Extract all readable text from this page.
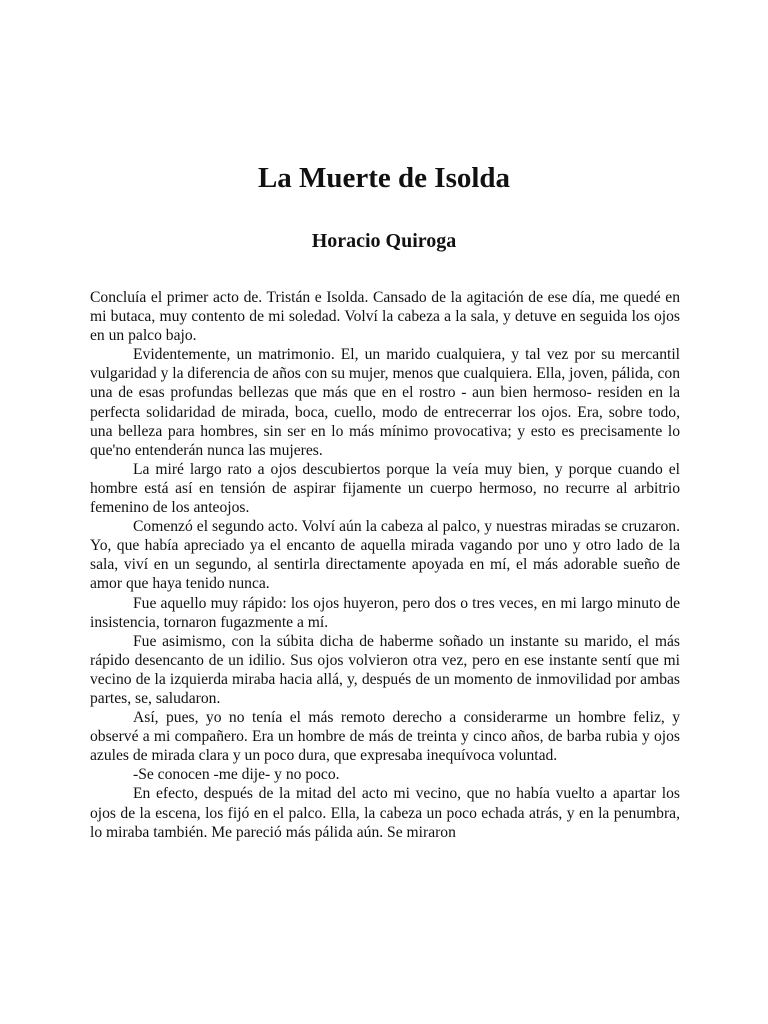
La Muerte de Isolda
Horacio Quiroga

Concluía el primer acto de. Tristán e Isolda. Cansado de la agitación de ese día, me quedé en mi butaca, muy contento de mi soledad. Volví la cabeza a la sala, y detuve en seguida los ojos en un palco bajo.

Evidentemente, un matrimonio. El, un marido cualquiera, y tal vez por su mercantil vulgaridad y la diferencia de años con su mujer, menos que cualquiera. Ella, joven, pálida, con una de esas profundas bellezas que más que en el rostro - aun bien hermoso- residen en la perfecta solidaridad de mirada, boca, cuello, modo de entrecerrar los ojos. Era, sobre todo, una belleza para hombres, sin ser en lo más mínimo provocativa; y esto es precisamente lo que'no entenderán nunca las mujeres.

La miré largo rato a ojos descubiertos porque la veía muy bien, y porque cuando el hombre está así en tensión de aspirar fijamente un cuerpo hermoso, no recurre al arbitrio femenino de los anteojos.

Comenzó el segundo acto. Volví aún la cabeza al palco, y nuestras miradas se cruzaron. Yo, que había apreciado ya el encanto de aquella mirada vagando por uno y otro lado de la sala, viví en un segundo, al sentirla directamente apoyada en mí, el más adorable sueño de amor que haya tenido nunca.

Fue aquello muy rápido: los ojos huyeron, pero dos o tres veces, en mi largo minuto de insistencia, tornaron fugazmente a mí.

Fue asimismo, con la súbita dicha de haberme soñado un instante su marido, el más rápido desencanto de un idilio. Sus ojos volvieron otra vez, pero en ese instante sentí que mi vecino de la izquierda miraba hacia allá, y, después de un momento de inmovilidad por ambas partes, se, saludaron.

Así, pues, yo no tenía el más remoto derecho a considerarme un hombre feliz, y observé a mi compañero. Era un hombre de más de treinta y cinco años, de barba rubia y ojos azules de mirada clara y un poco dura, que expresaba inequívoca voluntad.

-Se conocen -me dije- y no poco.

En efecto, después de la mitad del acto mi vecino, que no había vuelto a apartar los ojos de la escena, los fijó en el palco. Ella, la cabeza un poco echada atrás, y en la penumbra, lo miraba también. Me pareció más pálida aún. Se miraron
